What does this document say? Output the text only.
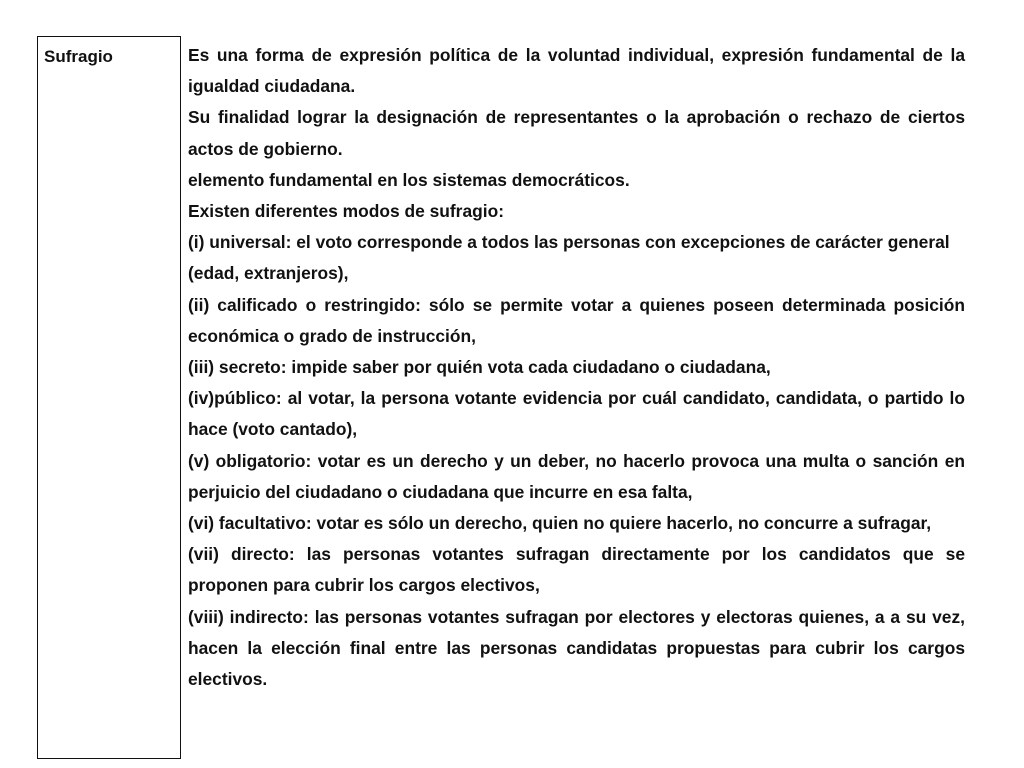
Sufragio	Es una forma de expresión política de la voluntad individual, expresión fundamental de la igualdad ciudadana.

Su finalidad lograr la designación de representantes o la aprobación o rechazo de ciertos actos de gobierno.

elemento fundamental en los sistemas democráticos.

Existen diferentes modos de sufragio:

(i) universal: el voto corresponde a todos las personas con excepciones de carácter general

(edad, extranjeros),

(ii) calificado o restringido: sólo se permite votar a quienes poseen determinada posición económica o grado de instrucción,

(iii) secreto: impide saber por quién vota cada ciudadano o ciudadana,

(iv)público: al votar, la persona votante evidencia por cuál candidato, candidata, o partido lo hace (voto cantado),

(v) obligatorio: votar es un derecho y un deber, no hacerlo provoca una multa o sanción en perjuicio del ciudadano o ciudadana que incurre en esa falta,

(vi) facultativo: votar es sólo un derecho, quien no quiere hacerlo, no concurre a sufragar,

(vii) directo: las personas votantes sufragan directamente por los candidatos que se proponen para cubrir los cargos electivos,

(viii) indirecto: las personas votantes sufragan por electores y electoras quienes, a a su vez, hacen la elección final entre las personas candidatas propuestas para cubrir los cargos electivos.
